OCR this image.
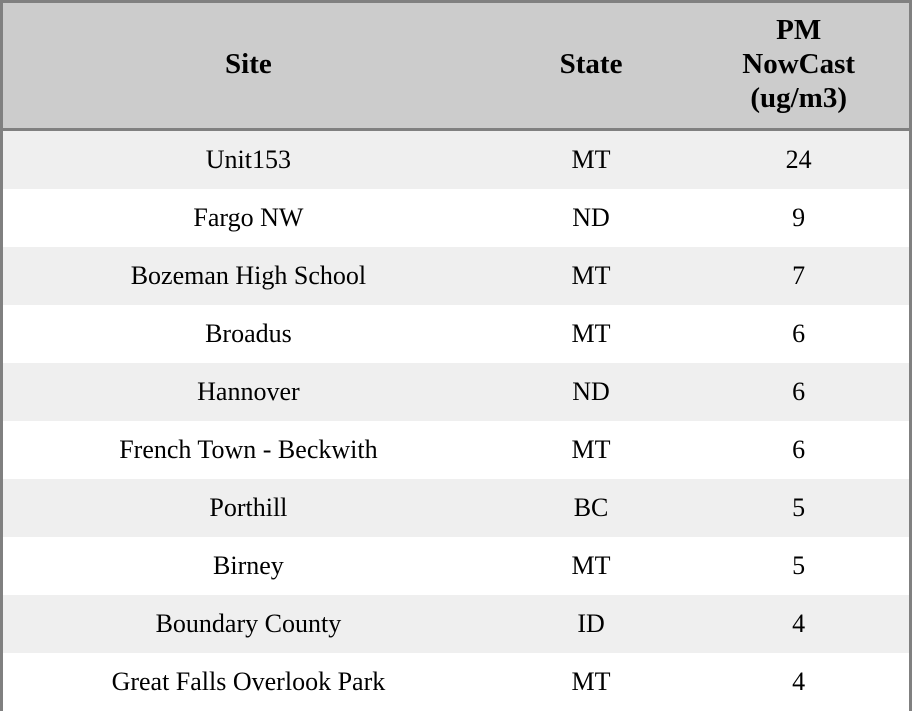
Site	State	PM
NowCast
(ug/m3)

Unit153	MT	24
Fargo NW	ND	9
Bozeman High School	MT	7
Broadus	MT	6
Hannover	ND	6
French Town - Beckwith	MT	6
Porthill	BC	5
Birney	MT	5
Boundary County	ID	4
Great Falls Overlook Park	MT	4
